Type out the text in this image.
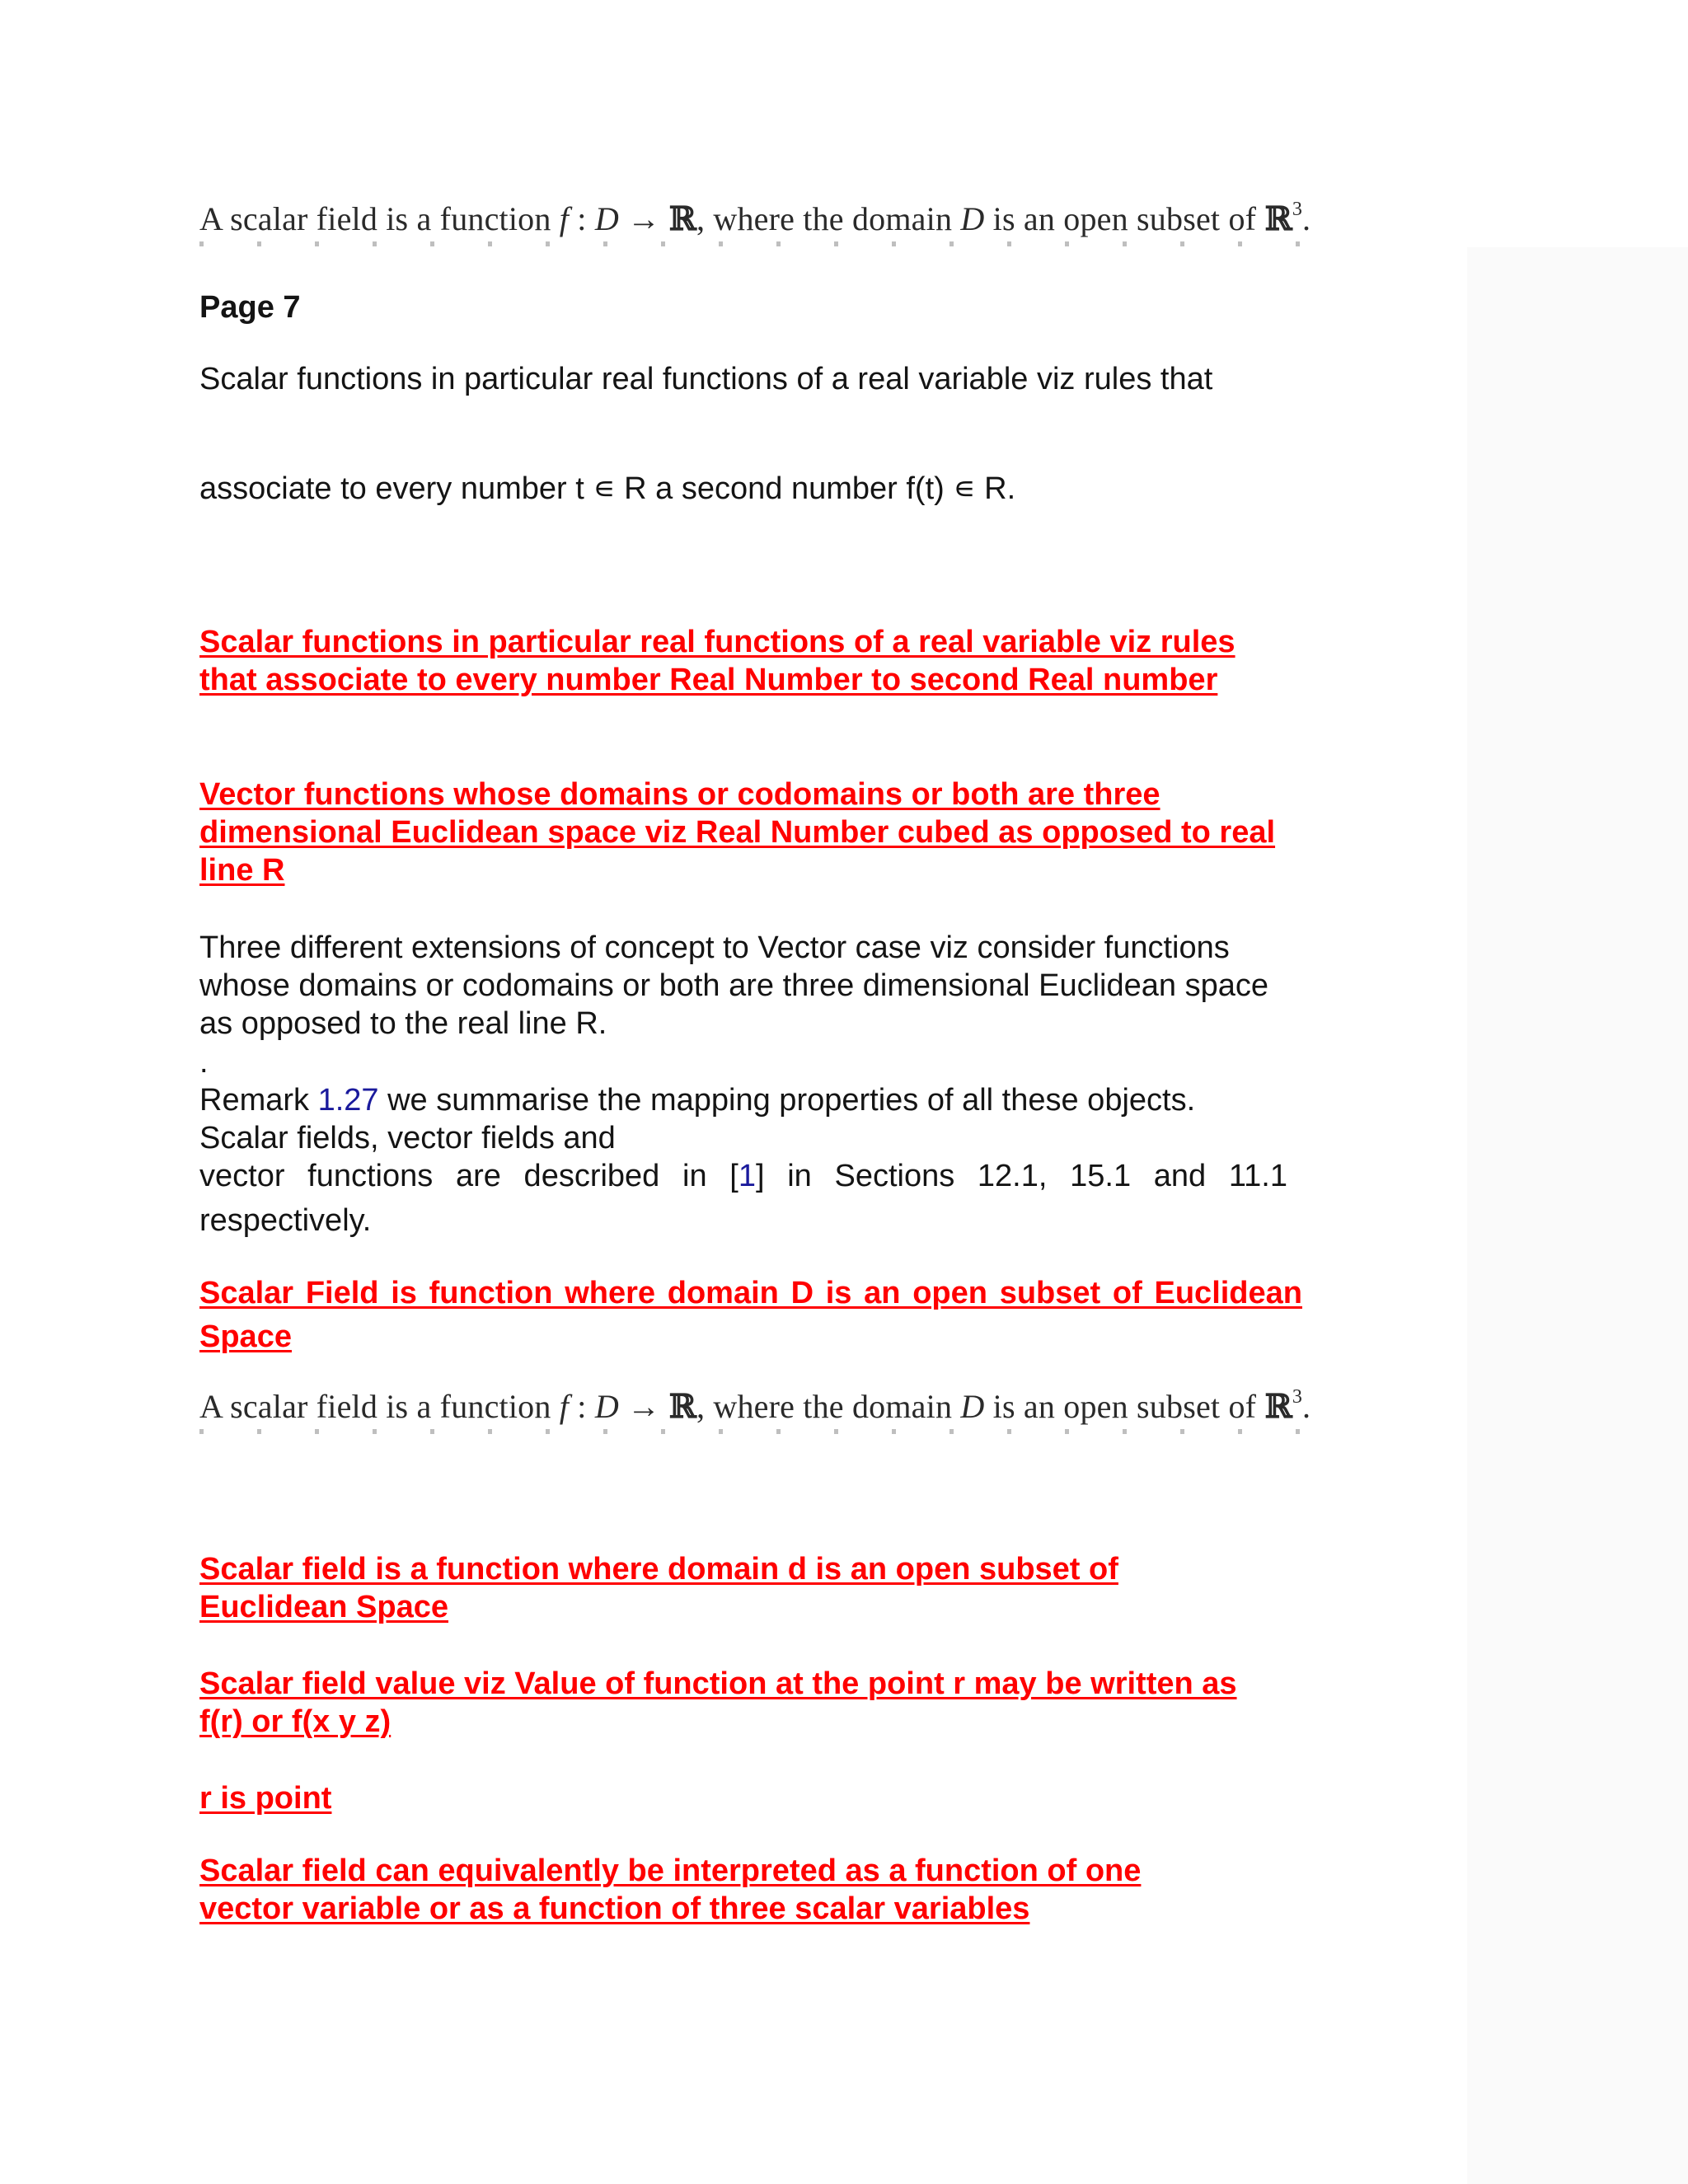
A scalar field is a function f : D → ℝ, where the domain D is an open subset of ℝ$^3$.
Page 7
Scalar functions in particular real functions of a real variable viz rules that
associate to every number t ∊ R a second number f(t) ∊ R.
Scalar functions in particular real functions of a real variable viz rules that associate to every number Real Number to second Real number
Vector functions whose domains or codomains or both are three dimensional Euclidean space viz Real Number cubed as opposed to real line R
Three different extensions of concept to Vector case viz consider functions whose domains or codomains or both are three dimensional Euclidean space as opposed to the real line R.
.
Remark 1.27 we summarise the mapping properties of all these objects.
Scalar fields, vector fields and
vector functions are described in [1] in Sections 12.1, 15.1 and 11.1
respectively.
Scalar Field is function where domain D is an open subset of Euclidean Space
A scalar field is a function f : D → ℝ, where the domain D is an open subset of ℝ$^3$.
Scalar field is a function where domain d is an open subset of Euclidean Space
Scalar field value viz Value of function at the point r may be written as f(r) or f(x y z)
r is point
Scalar field can equivalently be interpreted as a function of one vector variable or as a function of three scalar variables
